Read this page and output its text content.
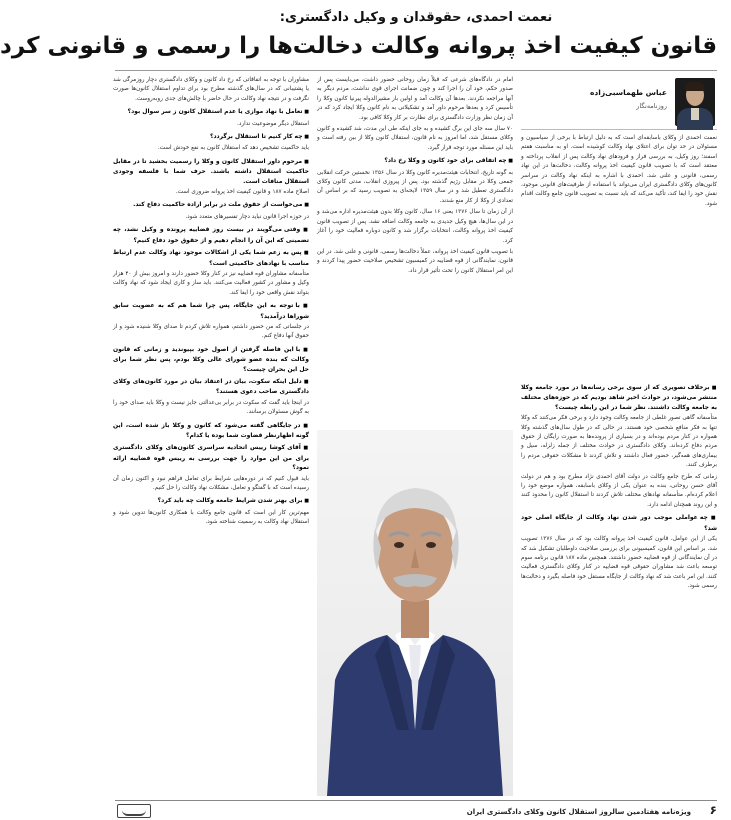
نعمت احمدی، حقوقدان و وکیل دادگستری:
قانون کیفیت اخذ پروانه وکالت دخالت‌ها را رسمی و قانونی کرد
عباس طهماسبی‌زاده
روزنامه‌نگار

نعمت احمدی از وکلای باسابقه‌ای است که به دلیل ارتباط با برخی از سیاسیون و مسئولان در حد توان برای اعتلای نهاد وکالت کوشیده است. او به مناسبت هفتم اسفند؛ روز وکیل، به بررسی فراز و فرودهای نهاد وکالت پس از انقلاب پرداخته و معتقد است که با تصویب قانون کیفیت اخذ پروانه وکالت، دخالت‌ها در این نهاد رسمی، قانونی و علنی شد. احمدی با اشاره به اینکه نهاد وکالت در سراسر کانون‌های وکلای دادگستری ایران می‌تواند با استفاده از ظرفیت‌های قانونی موجود، نقش خود را ایفا کند، تأکید می‌کند که باید نسبت به تصویب قانون جامع وکالت اقدام شود.

■ برخلاف تصویری که از سوی برخی رسانه‌ها در مورد جامعه وکلا منتشر می‌شود، در حوادث اخیر شاهد بودیم که در حوزه‌های مختلف به جامعه وکالت داشتند. نظر شما در این رابطه چیست؟

متأسفانه گاهی تصور غلطی از جامعه وکالت وجود دارد و برخی فکر می‌کنند که وکلا تنها به فکر منافع شخصی خود هستند. در حالی که در طول سال‌های گذشته وکلا همواره در کنار مردم بوده‌اند و در بسیاری از پرونده‌ها به صورت رایگان از حقوق مردم دفاع کرده‌اند. وکلای دادگستری در حوادث مختلف از جمله زلزله، سیل و بیماری‌های همه‌گیر، حضور فعال داشتند و تلاش کردند تا مشکلات حقوقی مردم را برطرف کنند.

زمانی که طرح جامع وکالت در دولت آقای احمدی نژاد مطرح بود و هم در دولت آقای حسن روحانی، بنده به عنوان یکی از وکلای باسابقه، همواره موضع خود را اعلام کرده‌ام. متأسفانه نهادهای مختلف تلاش کردند تا استقلال کانون را محدود کنند و این روند همچنان ادامه دارد.

■ چه عواملی موجب دور شدن نهاد وکالت از جایگاه اصلی خود شد؟

یکی از این عوامل، قانون کیفیت اخذ پروانه وکالت بود که در سال ۱۳۷۶ تصویب شد. بر اساس این قانون، کمیسیونی برای بررسی صلاحیت داوطلبان تشکیل شد که در آن نمایندگانی از قوه قضاییه حضور داشتند. همچنین ماده ۱۸۷ قانون برنامه سوم توسعه باعث شد مشاوران حقوقی قوه قضاییه در کنار وکلای دادگستری فعالیت کنند. این امر باعث شد که نهاد وکالت از جایگاه مستقل خود فاصله بگیرد و دخالت‌ها رسمی شود.

امام در دادگاه‌های شرعی که قبلاً زمان روحانی حضور داشت، می‌بایست پس از صدور حکم، خود آن را اجرا کند و چون ضمانت اجرای قوی نداشت، مردم دیگر به آنها مراجعه نکردند. بعدها آن وکالت آمد و اولین بار مشیرالدوله پیرنیا کانون وکلا را تأسیس کرد و بعدها مرحوم داور آمد و تشکیلاتی به نام کانون وکلا ایجاد کرد که در آن زمان نظر وزارت دادگستری برای نظارت بر کار وکلا کافی بود.

۷۰ سال سه جای این برگ کشیده و به جای اینکه طی این مدت، شد کشیده و کانون وکلای مستقل شد، اما امروز به نام قانون، استقلال کانون وکلا از بین رفته است و باید این مسئله مورد توجه قرار گیرد.

■ چه اتفاقی برای خود کانون و وکلا رخ داد؟

به گونه تاریخ، انتخابات هیئت‌مدیره کانون وکلا در سال ۱۳۵۶ نخستین حرکت انقلابی جمعی وکلا در مقابل رژیم گذشته بود. پس از پیروزی انقلاب، مدتی کانون وکلای دادگستری تعطیل شد و در سال ۱۳۵۹ لایحه‌ای به تصویب رسید که بر اساس آن تعدادی از وکلا از کار منع شدند.

از آن زمان تا سال ۱۳۷۶ یعنی ۱۶ سال، کانون وکلا بدون هیئت‌مدیره اداره می‌شد و در این سال‌ها، هیچ وکیل جدیدی به جامعه وکالت اضافه نشد. پس از تصویب قانون کیفیت اخذ پروانه وکالت، انتخابات برگزار شد و کانون دوباره فعالیت خود را آغاز کرد.

با تصویب قانون کیفیت اخذ پروانه، عملاً دخالت‌ها رسمی، قانونی و علنی شد. در این قانون، نمایندگانی از قوه قضاییه در کمیسیون تشخیص صلاحیت حضور پیدا کردند و این امر استقلال کانون را تحت تأثیر قرار داد.

مشاوران با توجه به اتفاقاتی که رخ داد کانون و وکلای دادگستری دچار روزمرگی شد یا پشتیبانی که در سال‌های گذشته مطرح بود برای تداوم استقلال کانون‌ها صورت نگرفت و در نتیجه نهاد وکالت در حال حاضر با چالش‌های جدی روبه‌روست.

■ تعامل با نهاد موازی یا عدم استقلال کانون ز سر سوال بود؟

استقلال دیگر موضوعیت ندارد.

■ چه کار کنیم تا استقلال برگردد؟

باید حاکمیت تشخیص دهد که استقلال کانون به نفع خودش است.

■ مرحوم داور استقلال کانون و وکلا را رسمیت بخشید تا در مقابل حاکمیت استقلال داشته باشند. حرف شما با فلسفه وجودی استقلال منافات است.

اصلاح ماده ۱۸۷ و قانون کیفیت اخذ پروانه ضروری است.

■ می‌خواست از حقوق ملت در برابر اراده حاکمیت دفاع کند.

در حوزه اجرا قانون نباید دچار تفسیرهای متعدد شود.

■ وقتی می‌گویند در بیست روز قضاییه پرونده و وکیل نشد، چه تضمینی که این آن را انجام دهیم و از حقوق خود دفاع کنیم؟

■ پس به زعم شما یکی از اشکالات موجود نهاد وکالت عدم ارتباط مناسب با نهادهای حاکمیتی است؟

متأسفانه مشاوران قوه قضاییه نیز در کنار وکلا حضور دارند و امروز بیش از ۴۰ هزار وکیل و مشاور در کشور فعالیت می‌کنند. باید ساز و کاری ایجاد شود که نهاد وکالت بتواند نقش واقعی خود را ایفا کند.

■ با توجه به این جایگاه، پس چرا شما هم که به عضویت سابق شوراها درآمدید؟

در جلساتی که من حضور داشتم، همواره تلاش کردم تا صدای وکلا شنیده شود و از حقوق آنها دفاع کنم.

■ با این فاصله گرفتن از اصول خود بپیوندید و زمانی که قانون وکالت که بنده عضو شورای عالی وکلا بودم، پس نظر شما برای حل این بحران چیست؟

■ دلیل اینکه سکوت، بیان در اعتقاد بیان در مورد کانون‌های وکلای دادگستری صاحب دعوی هستند؟

در اینجا باید گفت که سکوت در برابر بی‌عدالتی جایز نیست و وکلا باید صدای خود را به گوش مسئولان برسانند.

■ در جایگاهی گفته می‌شود که کانون و وکلا باز شده است، این گونه اظهارنظر قضاوت شما بوده یا کدام؟

■ آقای کوشا رییس اتحادیه سراسری کانون‌های وکلای دادگستری برای من این موارد را جهت بررسی به رییس قوه قضاییه ارائه نمود؟

باید قبول کنیم که در دوره‌هایی شرایط برای تعامل فراهم نبود و اکنون زمان آن رسیده است که با گفتگو و تعامل، مشکلات نهاد وکالت را حل کنیم.

■ برای بهتر شدن شرایط جامعه وکالت چه باید کرد؟

مهم‌ترین کار این است که قانون جامع وکالت با همکاری کانون‌ها تدوین شود و استقلال نهاد وکالت به رسمیت شناخته شود.

۶
ویژه‌نامه هفتادمین سالروز استقلال کانون وکلای دادگستری ایران
